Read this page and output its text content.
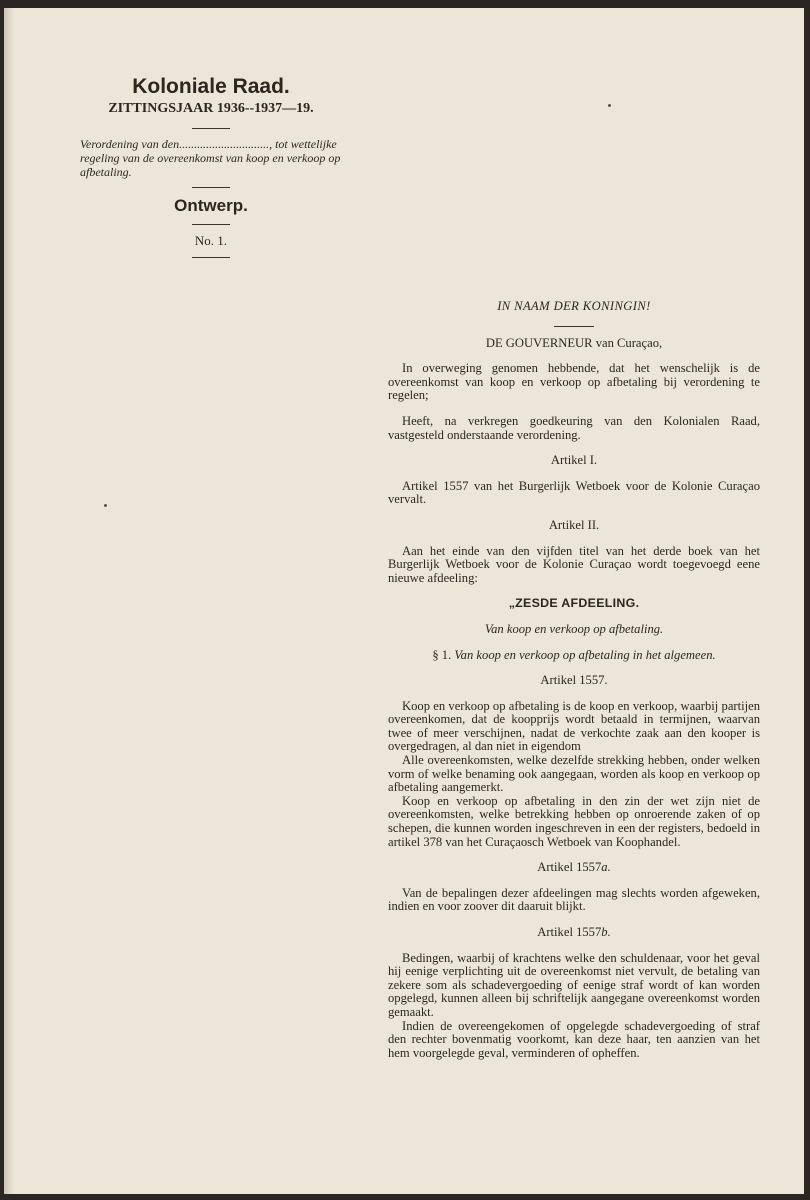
Koloniale Raad.

ZITTINGSJAAR 1936--1937—19.

Verordening van den.............................., tot wettelijke regeling van de overeenkomst van koop en verkoop op afbetaling.

Ontwerp.

No. 1.

IN NAAM DER KONINGIN!

DE GOUVERNEUR van Curaçao,

In overweging genomen hebbende, dat het wenschelijk is de overeenkomst van koop en verkoop op afbetaling bij verordening te regelen;

Heeft, na verkregen goedkeuring van den Kolonialen Raad, vastgesteld onderstaande verordening.

Artikel I.

Artikel 1557 van het Burgerlijk Wetboek voor de Kolonie Curaçao vervalt.

Artikel II.

Aan het einde van den vijfden titel van het derde boek van het Burgerlijk Wetboek voor de Kolonie Curaçao wordt toegevoegd eene nieuwe afdeeling:

„ZESDE AFDEELING.

Van koop en verkoop op afbetaling.

§ 1. Van koop en verkoop op afbetaling in het algemeen.

Artikel 1557.

Koop en verkoop op afbetaling is de koop en verkoop, waarbij partijen overeenkomen, dat de koopprijs wordt betaald in termijnen, waarvan twee of meer verschijnen, nadat de verkochte zaak aan den kooper is overgedragen, al dan niet in eigendom

Alle overeenkomsten, welke dezelfde strekking hebben, onder welken vorm of welke benaming ook aangegaan, worden als koop en verkoop op afbetaling aangemerkt.

Koop en verkoop op afbetaling in den zin der wet zijn niet de overeenkomsten, welke betrekking hebben op onroerende zaken of op schepen, die kunnen worden ingeschreven in een der registers, bedoeld in artikel 378 van het Curaçaosch Wetboek van Koophandel.

Artikel 1557a.

Van de bepalingen dezer afdeelingen mag slechts worden afgeweken, indien en voor zoover dit daaruit blijkt.

Artikel 1557b.

Bedingen, waarbij of krachtens welke den schuldenaar, voor het geval hij eenige verplichting uit de overeenkomst niet vervult, de betaling van zekere som als schadevergoeding of eenige straf wordt of kan worden opgelegd, kunnen alleen bij schriftelijk aangegane overeenkomst worden gemaakt.

Indien de overeengekomen of opgelegde schadevergoeding of straf den rechter bovenmatig voorkomt, kan deze haar, ten aanzien van het hem voorgelegde geval, verminderen of opheffen.
